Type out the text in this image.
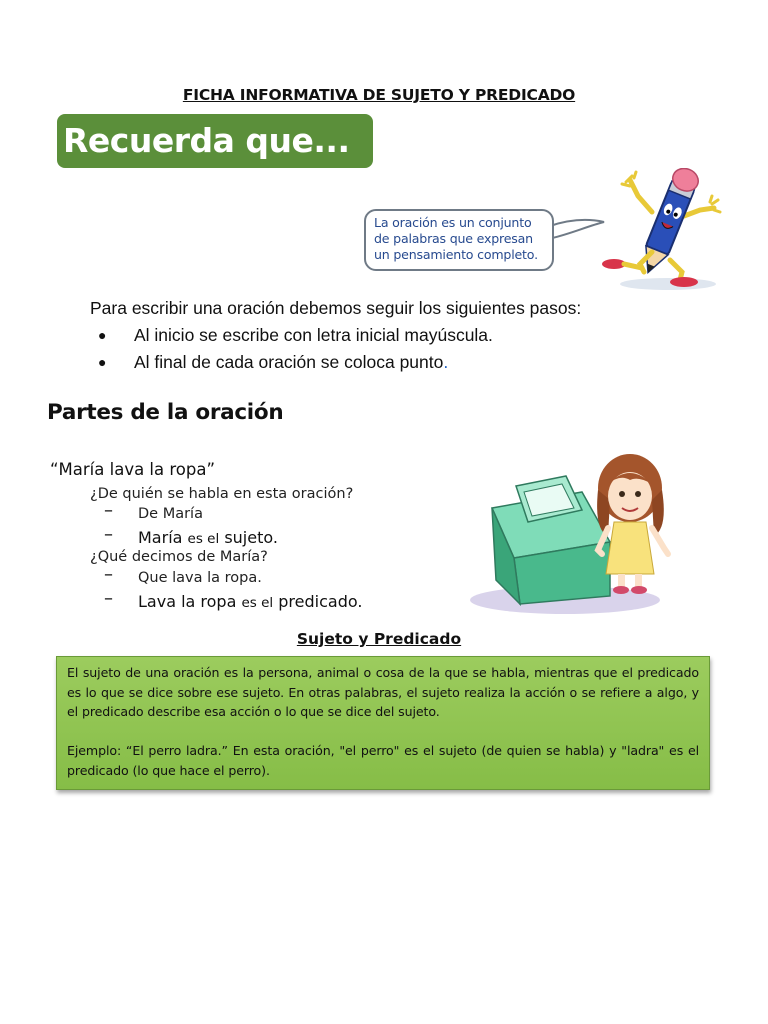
FICHA INFORMATIVA DE SUJETO Y PREDICADO
Recuerda que...
La oración es un conjunto
de palabras que expresan
un pensamiento completo.
Para escribir una oración debemos seguir los siguientes pasos:
●	Al inicio se escribe con letra inicial mayúscula.
●	Al final de cada oración se coloca punto .
Partes de la oración
“María lava la ropa”
¿De quién se habla en esta oración?
– De María
– María es el sujeto.
¿Qué decimos de María?
– Que lava la ropa.
– Lava la ropa es el predicado.
Sujeto y Predicado

El sujeto de una oración es la persona, animal o cosa de la que se habla, mientras que el predicado es lo que se dice sobre ese sujeto. En otras palabras, el sujeto realiza la acción o se refiere a algo, y el predicado describe esa acción o lo que se dice del sujeto.

Ejemplo: “El perro ladra.” En esta oración, "el perro" es el sujeto (de quien se habla) y "ladra" es el predicado (lo que hace el perro).
